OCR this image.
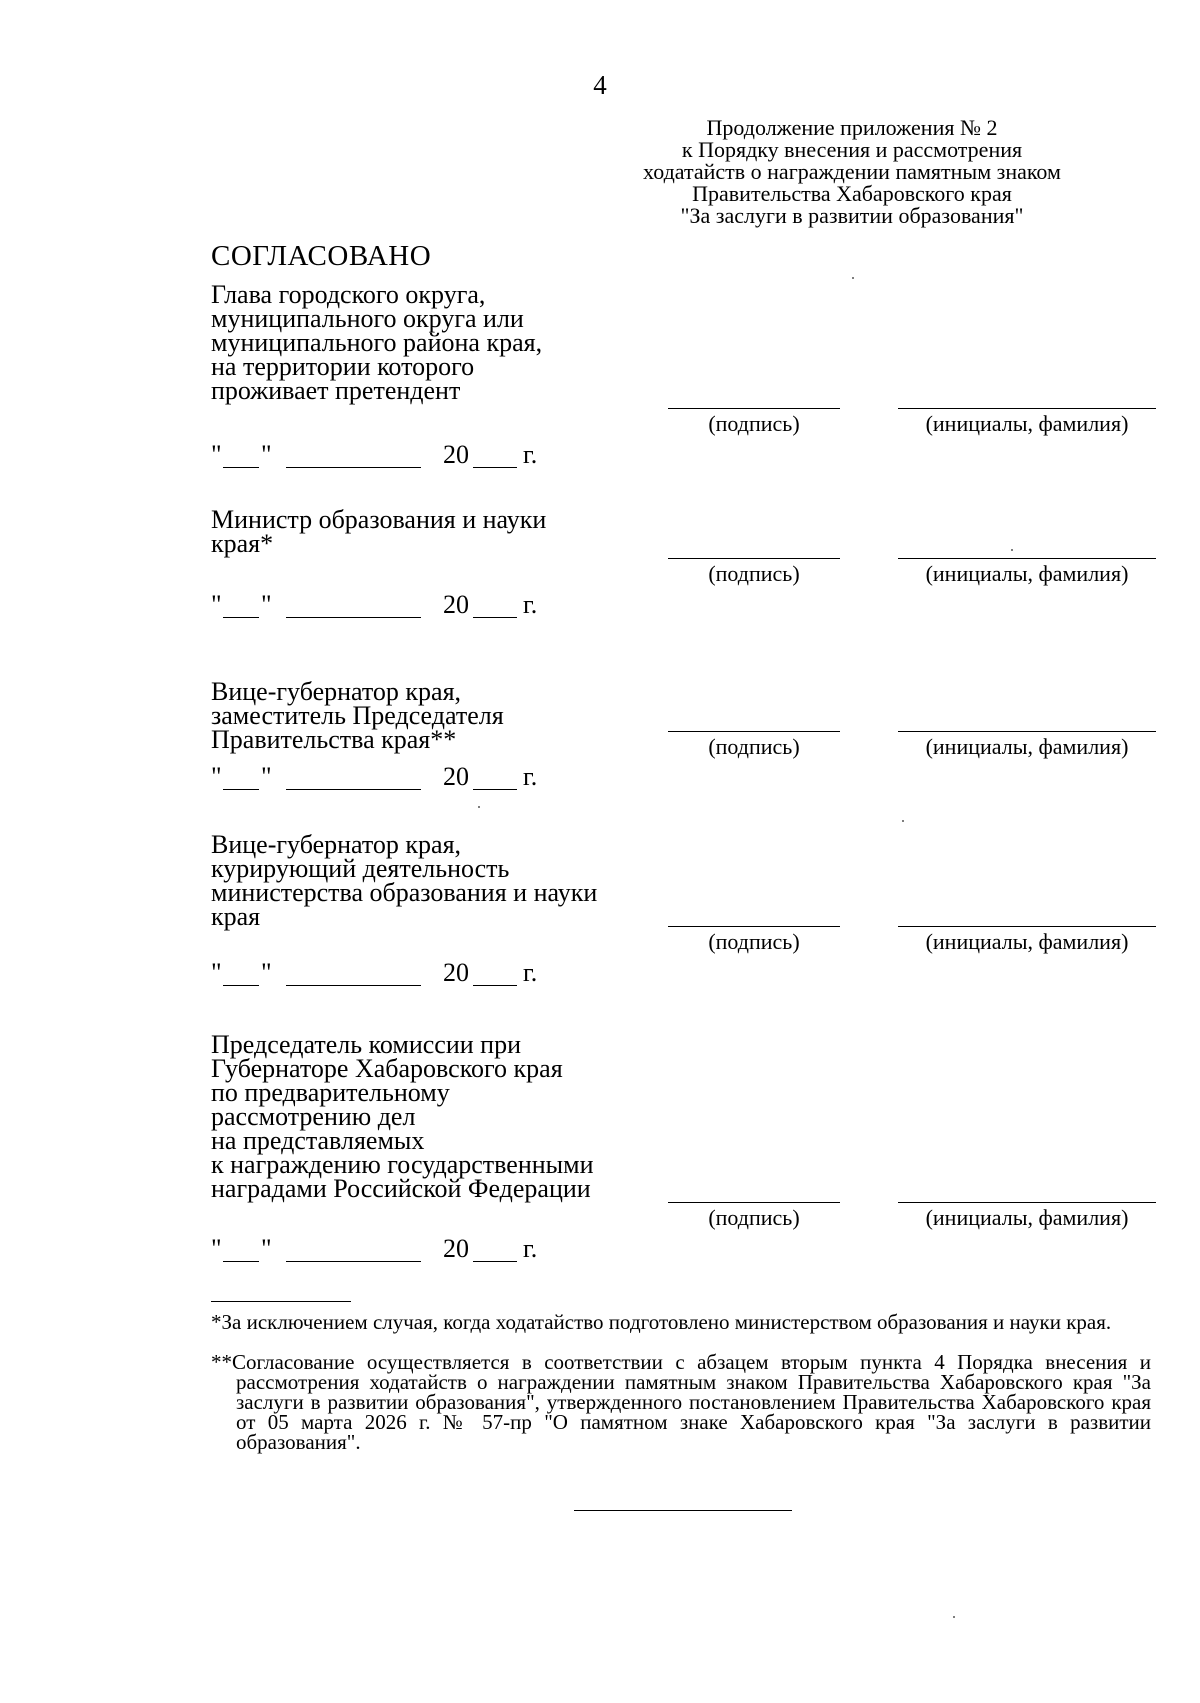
4
Продолжение приложения № 2
к Порядку внесения и рассмотрения
ходатайств о награждении памятным знаком
Правительства Хабаровского края
"За заслуги в развитии образования"
СОГЛАСОВАНО
Глава городского округа,
муниципального округа или
муниципального района края,
на территории которого
проживает претендент
(подпись)	(инициалы, фамилия)
" "	20 г.
Министр образования и науки
края*
(подпись)	(инициалы, фамилия)
" "	20 г.
Вице-губернатор края,
заместитель Председателя
Правительства края**	(подпись)	(инициалы, фамилия)
" "	20 г.
Вице-губернатор края,
курирующий деятельность
министерства образования и науки
края
(подпись)	(инициалы, фамилия)
" "	20 г.
Председатель комиссии при
Губернаторе Хабаровского края
по предварительному
рассмотрению дел
на представляемых
к награждению государственными
наградами Российской Федерации
(подпись)	(инициалы, фамилия)
" "	20 г.
*За исключением случая, когда ходатайство подготовлено министерством образования и науки края.
**Согласование осуществляется в соответствии с абзацем вторым пункта 4 Порядка внесения и рассмотрения ходатайств о награждении памятным знаком Правительства Хабаровского края "За заслуги в развитии образования", утвержденного постановлением Правительства Хабаровского края от 05 марта 2026 г. № 57-пр "О памятном знаке Хабаровского края "За заслуги в развитии образования".
